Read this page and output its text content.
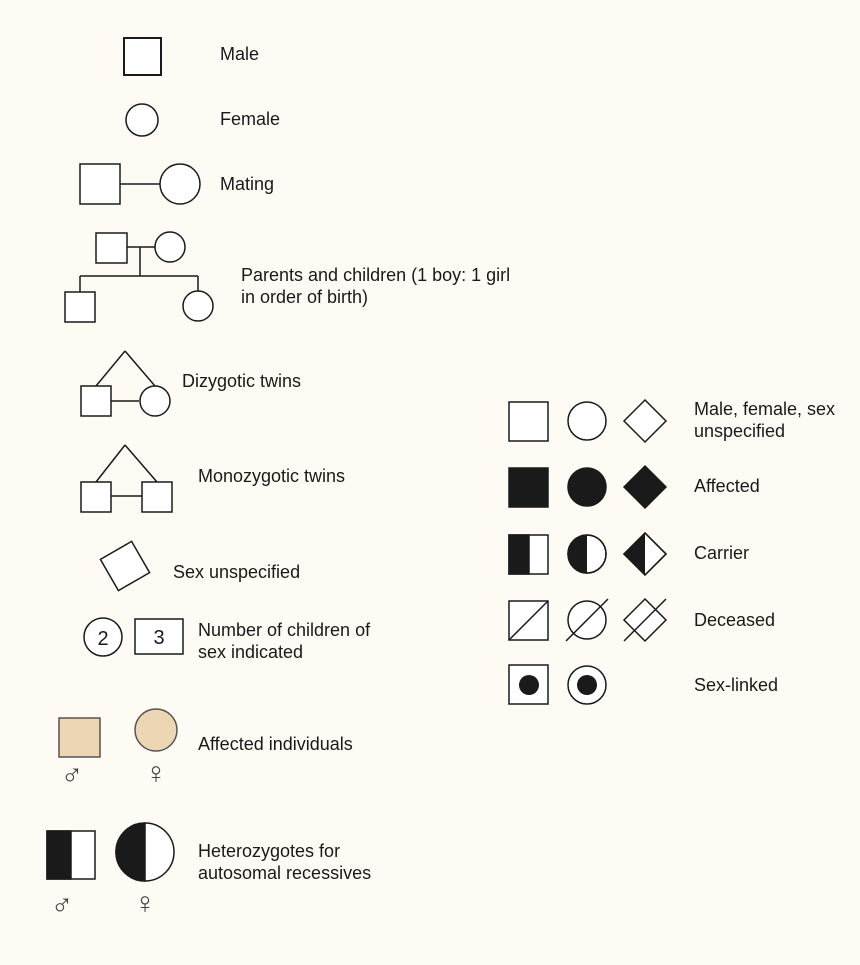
2 3
♂ ♀
♂ ♀
Male
Female
Mating
Parents and children (1 boy: 1 girl in order of birth)
Dizygotic twins
Monozygotic twins
Sex unspecified
Number of children of sex indicated
Affected individuals
Heterozygotes for autosomal recessives
Male, female, sex unspecified
Affected
Carrier
Deceased
Sex-linked
